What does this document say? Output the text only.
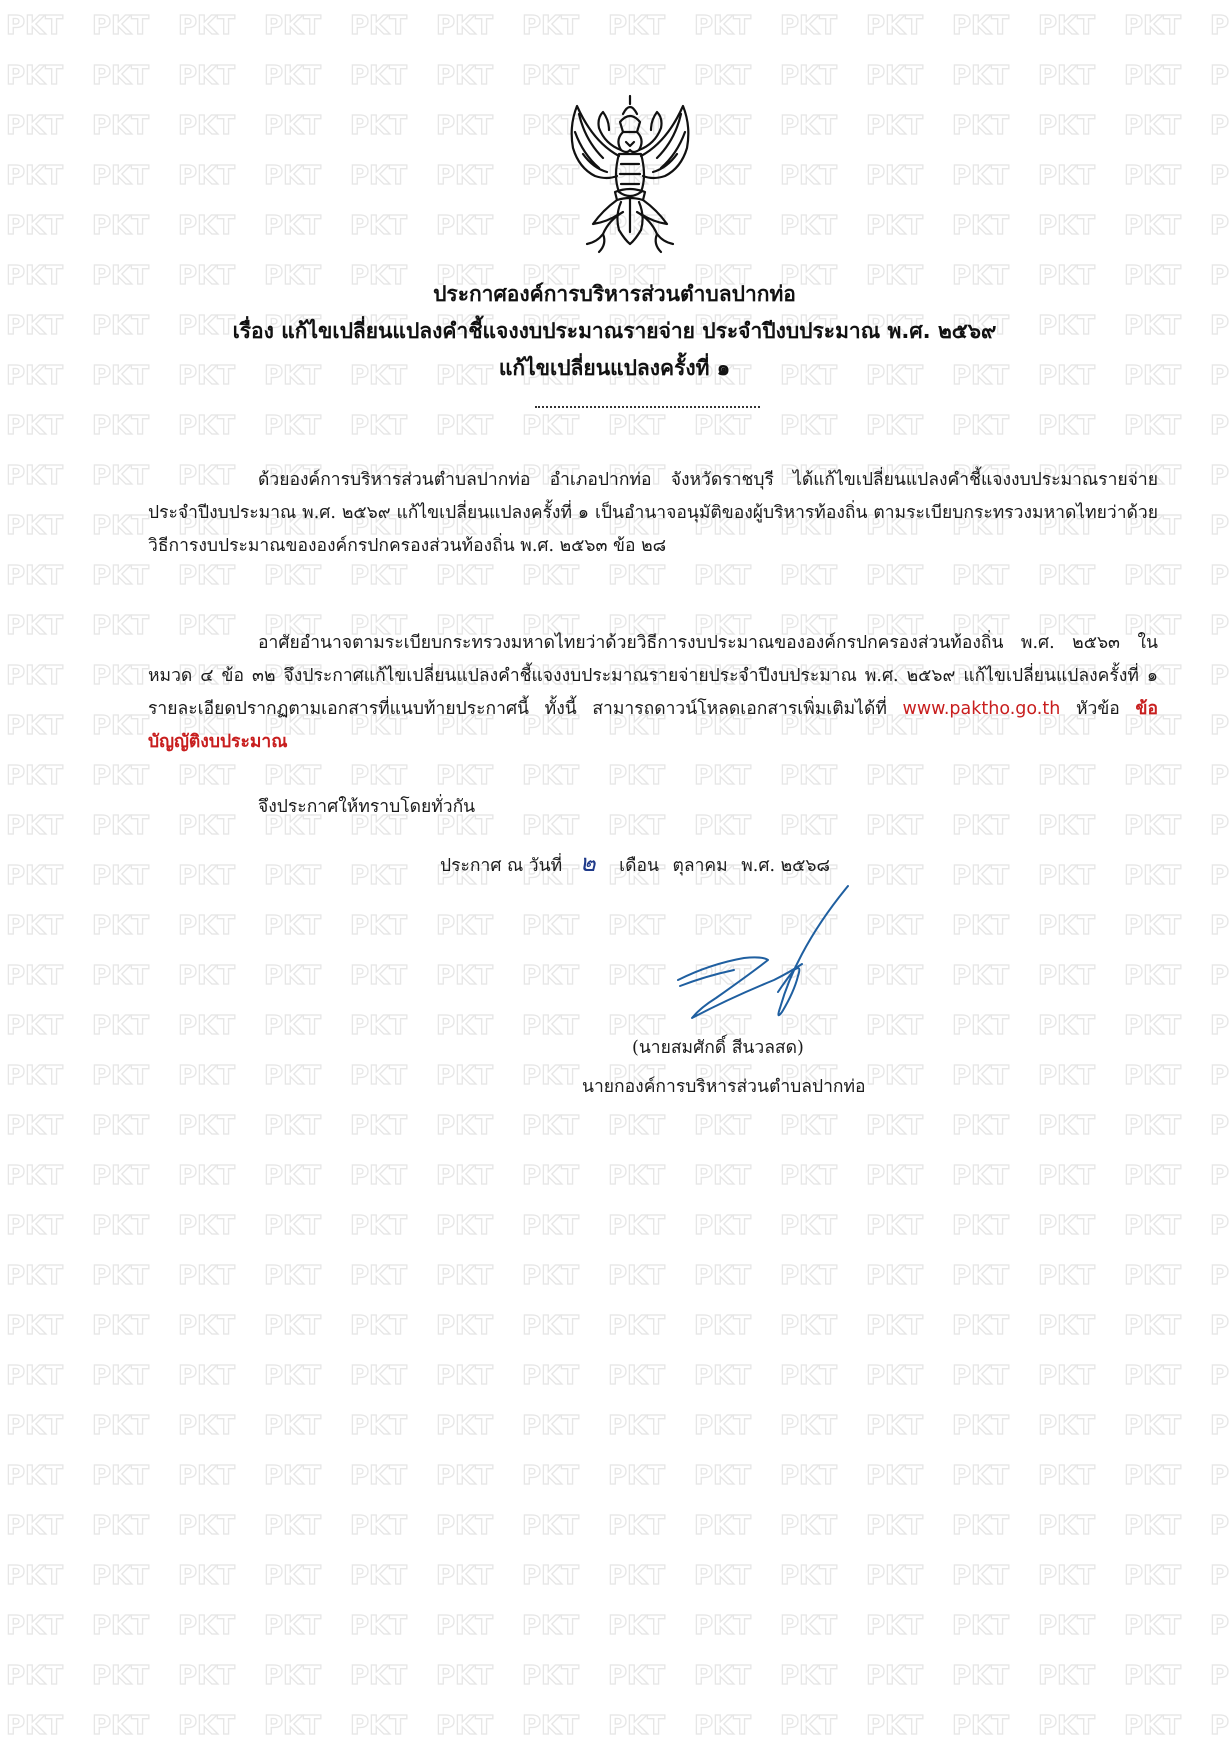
ประกาศองค์การบริหารส่วนตำบลปากท่อ
เรื่อง แก้ไขเปลี่ยนแปลงคำชี้แจงงบประมาณรายจ่าย ประจำปีงบประมาณ พ.ศ. ๒๕๖๙
แก้ไขเปลี่ยนแปลงครั้งที่ ๑

ด้วยองค์การบริหารส่วนตำบลปากท่อ อำเภอปากท่อ จังหวัดราชบุรี ได้แก้ไขเปลี่ยนแปลงคำชี้แจงงบประมาณรายจ่าย ประจำปีงบประมาณ พ.ศ. ๒๕๖๙ แก้ไขเปลี่ยนแปลงครั้งที่ ๑ เป็นอำนาจอนุมัติของผู้บริหารท้องถิ่น ตามระเบียบกระทรวงมหาดไทยว่าด้วยวิธีการงบประมาณขององค์กรปกครองส่วนท้องถิ่น พ.ศ. ๒๕๖๓ ข้อ ๒๘

อาศัยอำนาจตามระเบียบกระทรวงมหาดไทยว่าด้วยวิธีการงบประมาณขององค์กรปกครองส่วนท้องถิ่น พ.ศ. ๒๕๖๓ ในหมวด ๔ ข้อ ๓๒ จึงประกาศแก้ไขเปลี่ยนแปลงคำชี้แจงงบประมาณรายจ่ายประจำปีงบประมาณ พ.ศ. ๒๕๖๙ แก้ไขเปลี่ยนแปลงครั้งที่ ๑ รายละเอียดปรากฏตามเอกสารที่แนบท้ายประกาศนี้ ทั้งนี้ สามารถดาวน์โหลดเอกสารเพิ่มเติมได้ที่ www.paktho.go.th หัวข้อ ข้อบัญญัติงบประมาณ

จึงประกาศให้ทราบโดยทั่วกัน
ประกาศ ณ วันที่ ๒ เดือน ตุลาคม พ.ศ. ๒๕๖๘
(นายสมศักดิ์ สีนวลสด)
นายกองค์การบริหารส่วนตำบลปากท่อ
